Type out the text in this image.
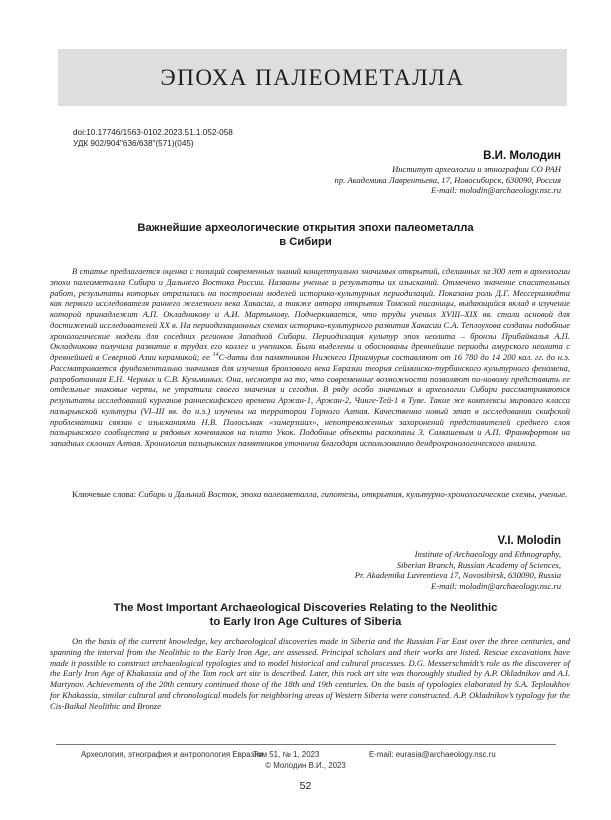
ЭПОХА ПАЛЕОМЕТАЛЛА
doi:10.17746/1563-0102.2023.51.1.052-058
УДК 902/904"636/638"(571)(045)
В.И. Молодин
Институт археологии и этнографии СО РАН
пр. Академика Лаврентьева, 17, Новосибирск, 630090, Россия
E-mail: molodin@archaeology.nsc.ru
Важнейшие археологические открытия эпохи палеометалла
в Сибири

В статье предлагается оценка с позиций современных знаний концептуально значимых открытий, сделанных за 300 лет в археологии эпохи палеометалла Сибири и Дальнего Востока России. Названы ученые и результаты их изысканий. Отмечено значение спасательных работ, результаты которых отразились на построении моделей историко-культурных периодизаций. Показана роль Д.Г. Мессершмидта как первого исследователя раннего железного века Хакасии, а также автора открытия Томской писаницы, выдающийся вклад в изучение которой принадлежит А.П. Окладникову и А.И. Мартынову. Подчеркивается, что труды ученых XVIII–XIX вв. стали основой для достижений исследователей XX в. На периодизационных схемах историко-культурного развития Хакасии С.А. Теплоухова созданы подобные хронологические модели для соседних регионов Западной Сибири. Периодизация культур эпох неолита – бронзы Прибайкалья А.П. Окладникова получила развитие в трудах его коллег и учеников. Были выделены и обоснованы древнейшие периоды амурского неолита с древнейшей в Северной Азии керамикой; ее $^{14}$С-даты для памятников Нижнего Приамурья составляют от 16 780 до 14 200 кал. гг. до н.э. Рассматривается фундаментально значимая для изучения бронзового века Евразии теория сейминско-турбинского культурного феномена, разработанная Е.Н. Черных и С.В. Кузьминых. Она, несмотря на то, что современные возможности позволяют по-новому представить ее отдельные знаковые черты, не утратила своего значения и сегодня. В ряду особо значимых в археологии Сибири рассматриваются результаты исследований курганов раннескифского времени Аржан-1, Аржан-2, Чинге-Тей-1 в Туве. Такие же комплексы мирового класса пазырыкской культуры (VI–III вв. до н.э.) изучены на территории Горного Алтая. Качественно новый этап в исследовании скифской проблематики связан с изысканиями Н.В. Полосьмак «замерзших», непотревоженных захоронений представителей среднего слоя пазырыкского сообщества и рядовых кочевников на плато Укок. Подобные объекты раскопаны З. Самашевым и А.П. Франкфортом на западных склонах Алтая. Хронология пазырыкских памятников уточнена благодаря использованию дендрохронологического анализа.

Ключевые слова: Сибирь и Дальний Восток, эпоха палеометалла, гипотезы, открытия, культурно-хронологические схемы, ученые.
V.I. Molodin
Institute of Archaeology and Ethnography,
Siberian Branch, Russian Academy of Sciences,
Pr. Akademika Lavrentieva 17, Novosibirsk, 630090, Russia
E-mail: molodin@archaeology.nsc.ru
The Most Important Archaeological Discoveries Relating to the Neolithic
to Early Iron Age Cultures of Siberia

On the basis of the current knowledge, key archaeological discoveries made in Siberia and the Russian Far East over the three centuries, and spanning the interval from the Neolithic to the Early Iron Age, are assessed. Principal scholars and their works are listed. Rescue excavations have made it possible to construct archaeological typologies and to model historical and cultural processes. D.G. Messerschmidt’s role as the discoverer of the Early Iron Age of Khakassia and of the Tom rock art site is described. Later, this rock art site was thoroughly studied by A.P. Okladnikov and A.I. Martynov. Achievements of the 20th century continued those of the 18th and 19th centuries. On the basis of typologies elaborated by S.A. Teploukhov for Khakassia, similar cultural and chronological models for neighboring areas of Western Siberia were constructed. A.P. Okladnikov’s typology for the Cis-Baikal Neolithic and Bronze

Археология, этнография и антропология Евразии
Том 51, № 1, 2023	E-mail: eurasia@archaeology.nsc.ru
© Молодин В.И., 2023
52
